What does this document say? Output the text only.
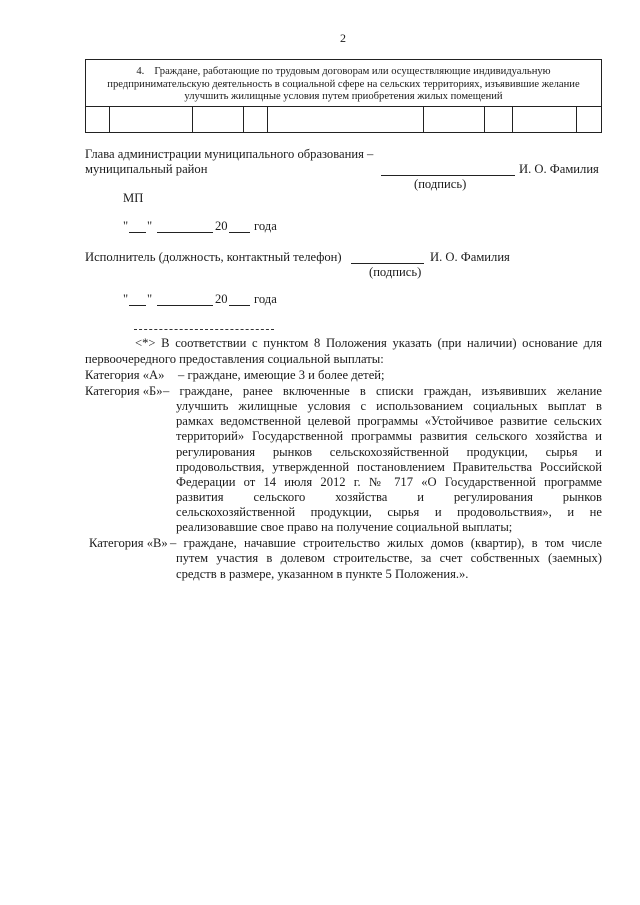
2
4. Граждане, работающие по трудовым договорам или осуществляющие индивидуальную
предпринимательскую деятельность в социальной сфере на сельских территориях, изъявившие желание
улучшить жилищные условия путем приобретения жилых помещений
Глава администрации муниципального образования –
муниципальный район	И. О. Фамилия
(подпись)
МП
" "	20 года
Исполнитель (должность, контактный телефон)	И. О. Фамилия
(подпись)
" "	20 года
<*> В соответствии с пунктом 8 Положения указать (при наличии) основание для
первоочередного предоставления социальной выплаты:
Категория «А» – граждане, имеющие 3 и более детей;
Категория «Б» – граждане, ранее включенные в списки граждан, изъявивших желание
улучшить жилищные условия с использованием социальных выплат в
рамках ведомственной целевой программы «Устойчивое развитие сельских
территорий» Государственной программы развития сельского хозяйства и
регулирования рынков сельскохозяйственной продукции, сырья и
продовольствия, утвержденной постановлением Правительства Российской
Федерации от 14 июля 2012 г. № 717 «О Государственной программе
развития сельского хозяйства и регулирования рынков
сельскохозяйственной продукции, сырья и продовольствия», и не
реализовавшие свое право на получение социальной выплаты;
Категория «В» – граждане, начавшие строительство жилых домов (квартир), в том числе
путем участия в долевом строительстве, за счет собственных (заемных)
средств в размере, указанном в пункте 5 Положения.».
